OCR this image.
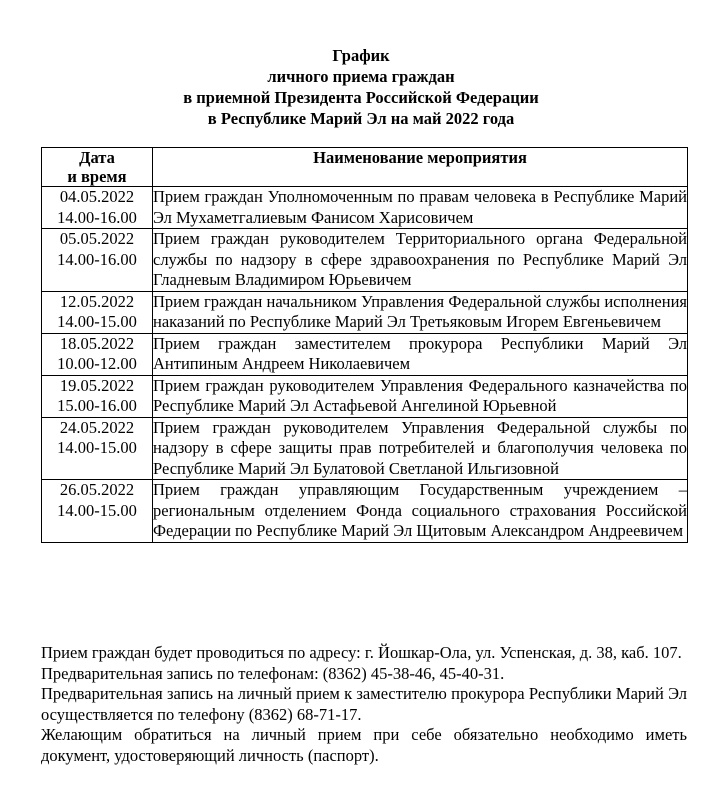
График
личного приема граждан
в приемной Президента Российской Федерации
в Республике Марий Эл на май 2022 года
Дата
и время	Наименование мероприятия

04.05.2022
14.00-16.00	Прием граждан Уполномоченным по правам человека в Республике Марий Эл Мухаметгалиевым Фанисом Харисовичем

05.05.2022
14.00-16.00	Прием граждан руководителем Территориального органа Федеральной службы по надзору в сфере здравоохранения по Республике Марий Эл Гладневым Владимиром Юрьевичем

12.05.2022
14.00-15.00	Прием граждан начальником Управления Федеральной службы исполнения наказаний по Республике Марий Эл Третьяковым Игорем Евгеньевичем

18.05.2022
10.00-12.00	Прием граждан заместителем прокурора Республики Марий Эл Антипиным Андреем Николаевичем

19.05.2022
15.00-16.00	Прием граждан руководителем Управления Федерального казначейства по Республике Марий Эл Астафьевой Ангелиной Юрьевной

24.05.2022
14.00-15.00	Прием граждан руководителем Управления Федеральной службы по надзору в сфере защиты прав потребителей и благополучия человека по Республике Марий Эл Булатовой Светланой Ильгизовной

26.05.2022
14.00-15.00	Прием граждан управляющим Государственным учреждением – региональным отделением Фонда социального страхования Российской Федерации по Республике Марий Эл Щитовым Александром Андреевичем

Прием граждан будет проводиться по адресу: г. Йошкар-Ола, ул. Успенская, д. 38, каб. 107.

Предварительная запись по телефонам: (8362) 45-38-46, 45-40-31.

Предварительная запись на личный прием к заместителю прокурора Республики Марий Эл осуществляется по телефону (8362) 68-71-17.

Желающим обратиться на личный прием при себе обязательно необходимо иметь документ, удостоверяющий личность (паспорт).
